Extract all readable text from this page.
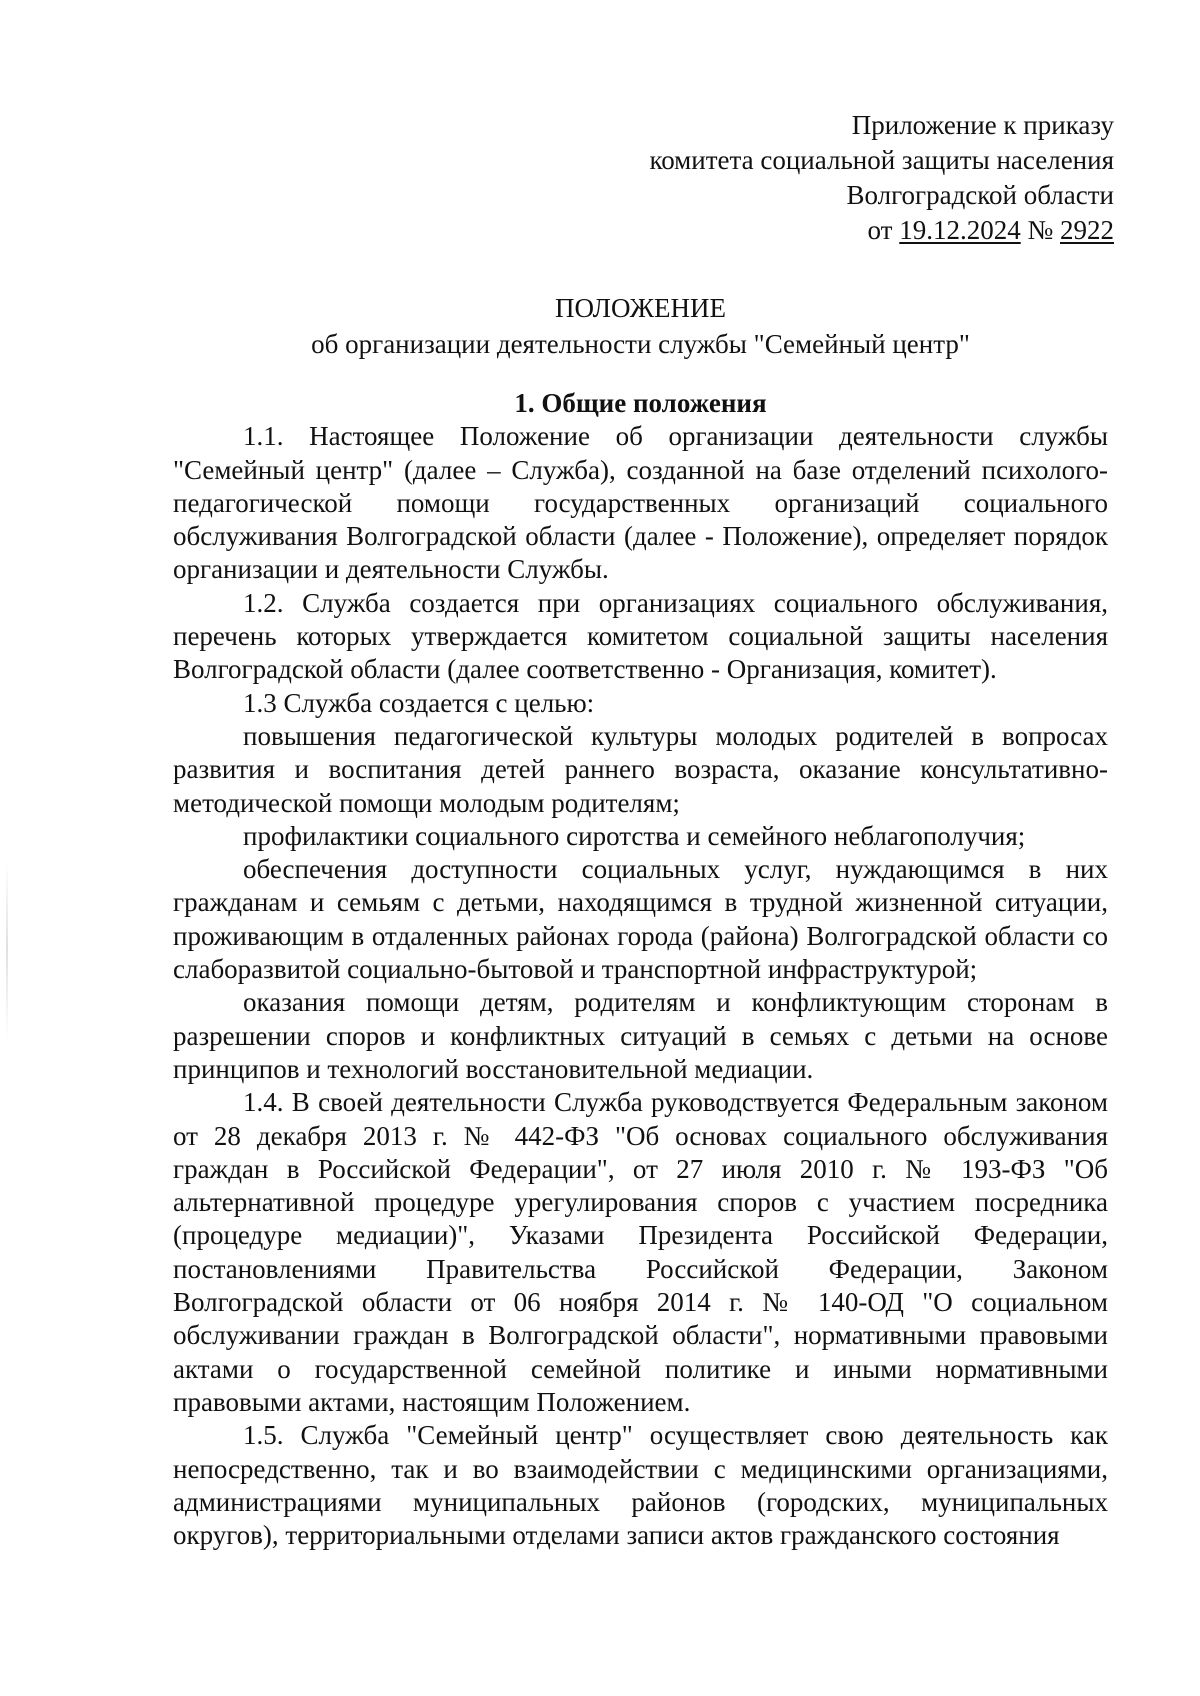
Приложение к приказу
комитета социальной защиты населения
Волгоградской области
от 19.12.2024 № 2922
ПОЛОЖЕНИЕ
об организации деятельности службы "Семейный центр"
1. Общие положения

1.1. Настоящее Положение об организации деятельности службы "Семейный центр" (далее – Служба), созданной на базе отделений психолого-педагогической помощи государственных организаций социального обслуживания Волгоградской области (далее - Положение), определяет порядок организации и деятельности Службы.

1.2. Служба создается при организациях социального обслуживания, перечень которых утверждается комитетом социальной защиты населения Волгоградской области (далее соответственно - Организация, комитет).

1.3 Служба создается с целью:

повышения педагогической культуры молодых родителей в вопросах развития и воспитания детей раннего возраста, оказание консультативно-методической помощи молодым родителям;

профилактики социального сиротства и семейного неблагополучия;

обеспечения доступности социальных услуг, нуждающимся в них гражданам и семьям с детьми, находящимся в трудной жизненной ситуации, проживающим в отдаленных районах города (района) Волгоградской области со слаборазвитой социально-бытовой и транспортной инфраструктурой;

оказания помощи детям, родителям и конфликтующим сторонам в разрешении споров и конфликтных ситуаций в семьях с детьми на основе принципов и технологий восстановительной медиации.

1.4. В своей деятельности Служба руководствуется Федеральным законом от 28 декабря 2013 г. № 442-ФЗ "Об основах социального обслуживания граждан в Российской Федерации", от 27 июля 2010 г. № 193-ФЗ "Об альтернативной процедуре урегулирования споров с участием посредника (процедуре медиации)", Указами Президента Российской Федерации, постановлениями Правительства Российской Федерации, Законом Волгоградской области от 06 ноября 2014 г. № 140-ОД "О социальном обслуживании граждан в Волгоградской области", нормативными правовыми актами о государственной семейной политике и иными нормативными правовыми актами, настоящим Положением.

1.5. Служба "Семейный центр" осуществляет свою деятельность как непосредственно, так и во взаимодействии с медицинскими организациями, администрациями муниципальных районов (городских, муниципальных округов), территориальными отделами записи актов гражданского состояния
